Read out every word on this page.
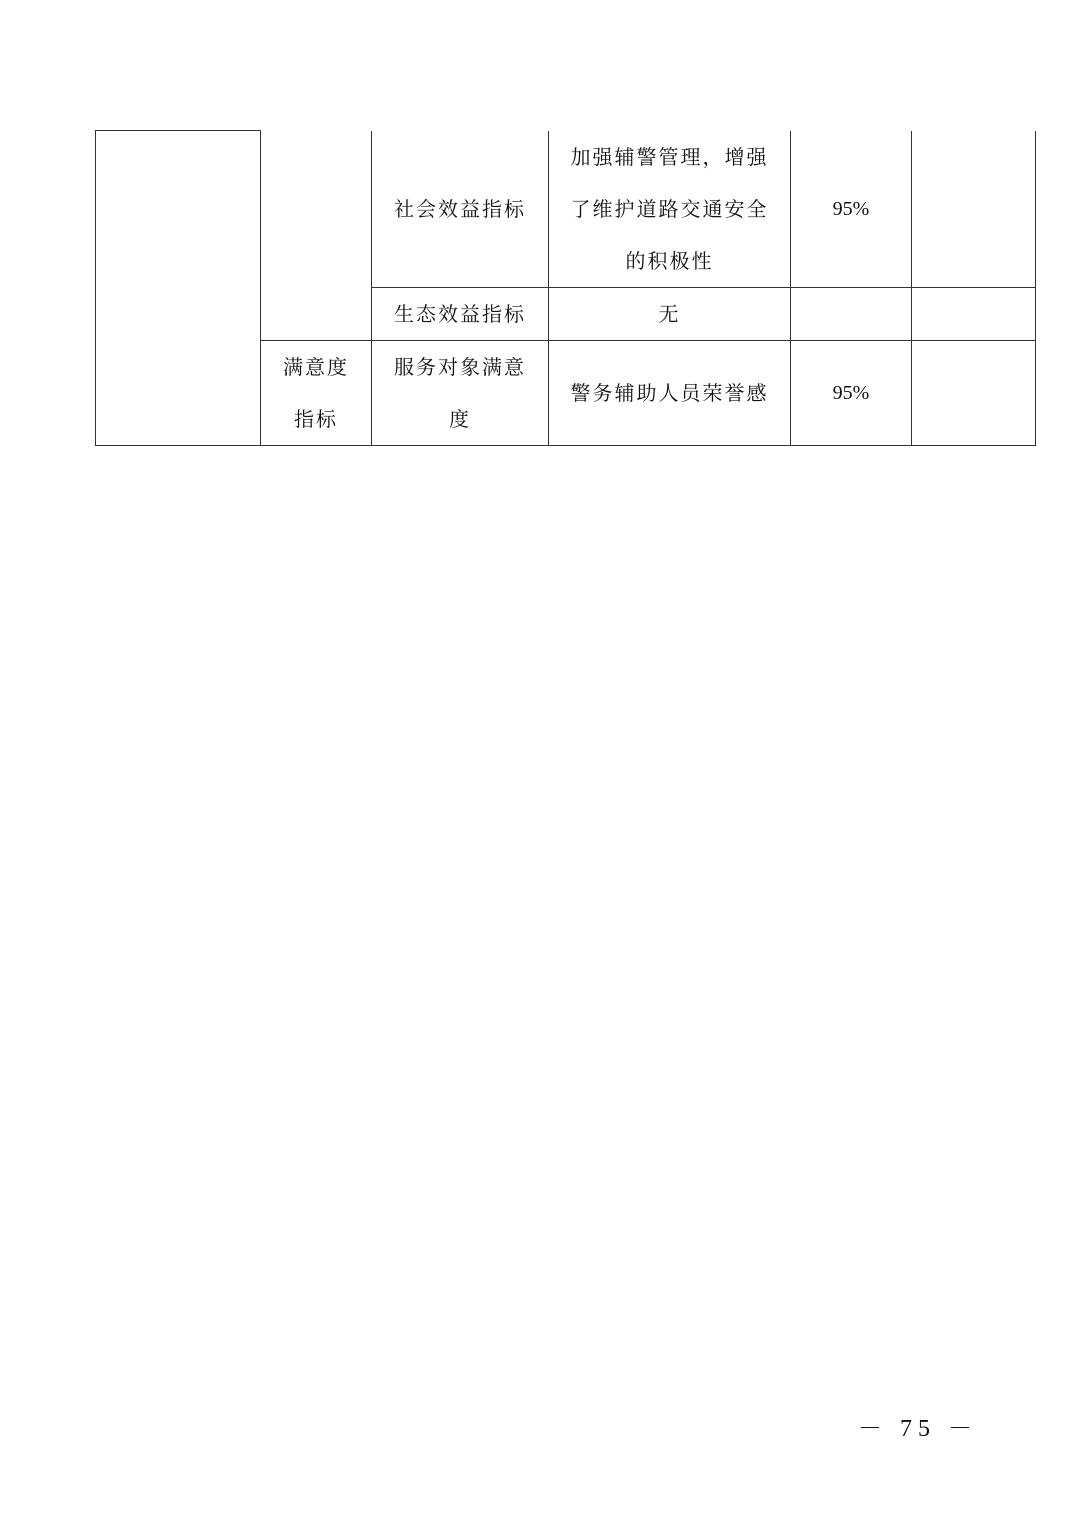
		社会效益指标	加强辅警管理，增强了维护道路交通安全的积极性	95%	

		生态效益指标	无		

	满意度指标	服务对象满意度	警务辅助人员荣誉感	95%	

－ 75 －
